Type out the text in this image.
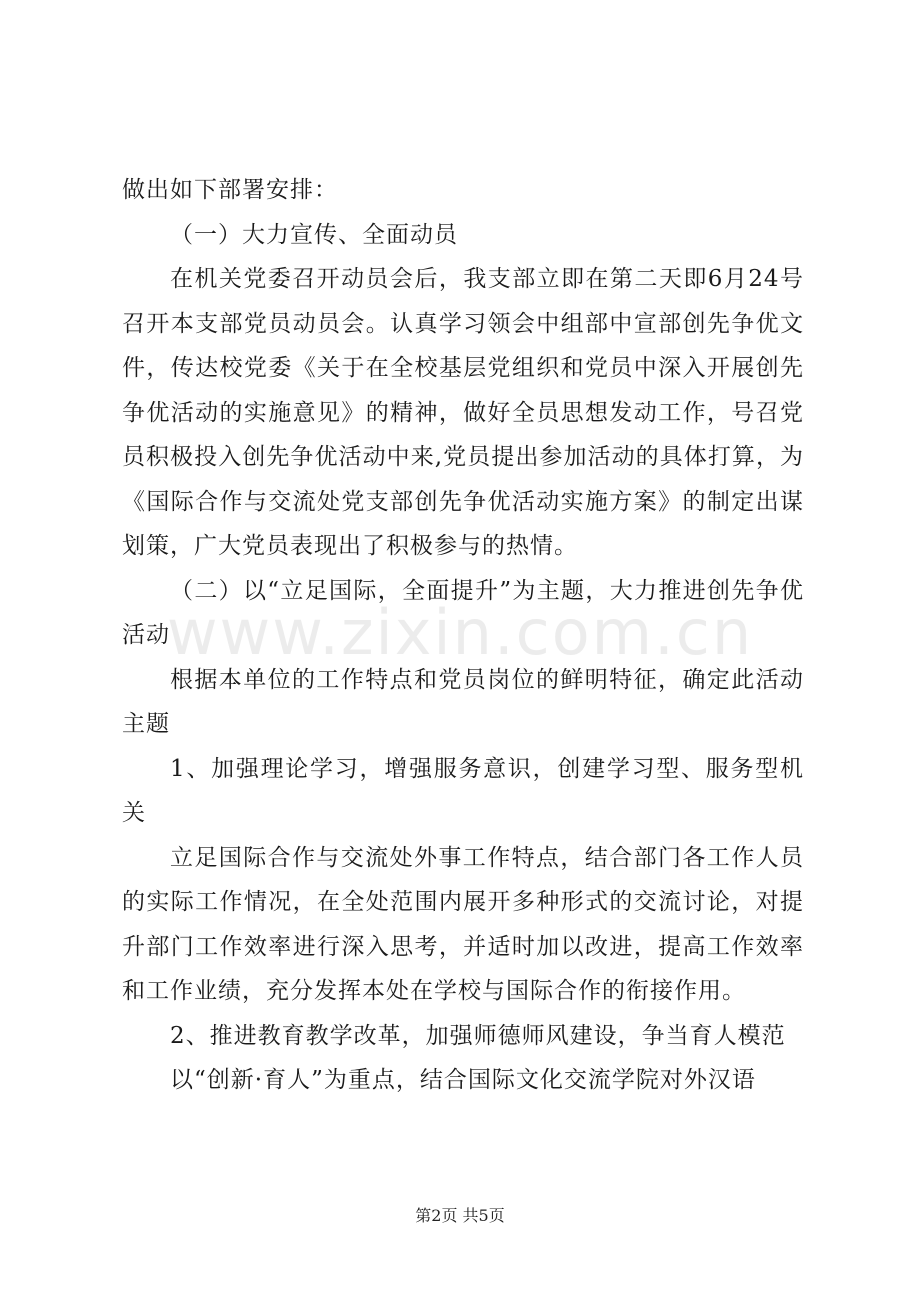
做出如下部署安排：

（一）大力宣传、全面动员

在机关党委召开动员会后，我支部立即在第二天即6月24号召开本支部党员动员会。认真学习领会中组部中宣部创先争优文件，传达校党委《关于在全校基层党组织和党员中深入开展创先争优活动的实施意见》的精神，做好全员思想发动工作，号召党员积极投入创先争优活动中来,党员提出参加活动的具体打算，为《国际合作与交流处党支部创先争优活动实施方案》的制定出谋划策，广大党员表现出了积极参与的热情。

（二）以“立足国际，全面提升”为主题，大力推进创先争优活动

根据本单位的工作特点和党员岗位的鲜明特征，确定此活动主题

1、加强理论学习，增强服务意识，创建学习型、服务型机关

立足国际合作与交流处外事工作特点，结合部门各工作人员的实际工作情况，在全处范围内展开多种形式的交流讨论，对提升部门工作效率进行深入思考，并适时加以改进，提高工作效率和工作业绩，充分发挥本处在学校与国际合作的衔接作用。

2、推进教育教学改革，加强师德师风建设，争当育人模范

以“创新·育人”为重点，结合国际文化交流学院对外汉语

www.zixin.com.cn
第2页 共5页
